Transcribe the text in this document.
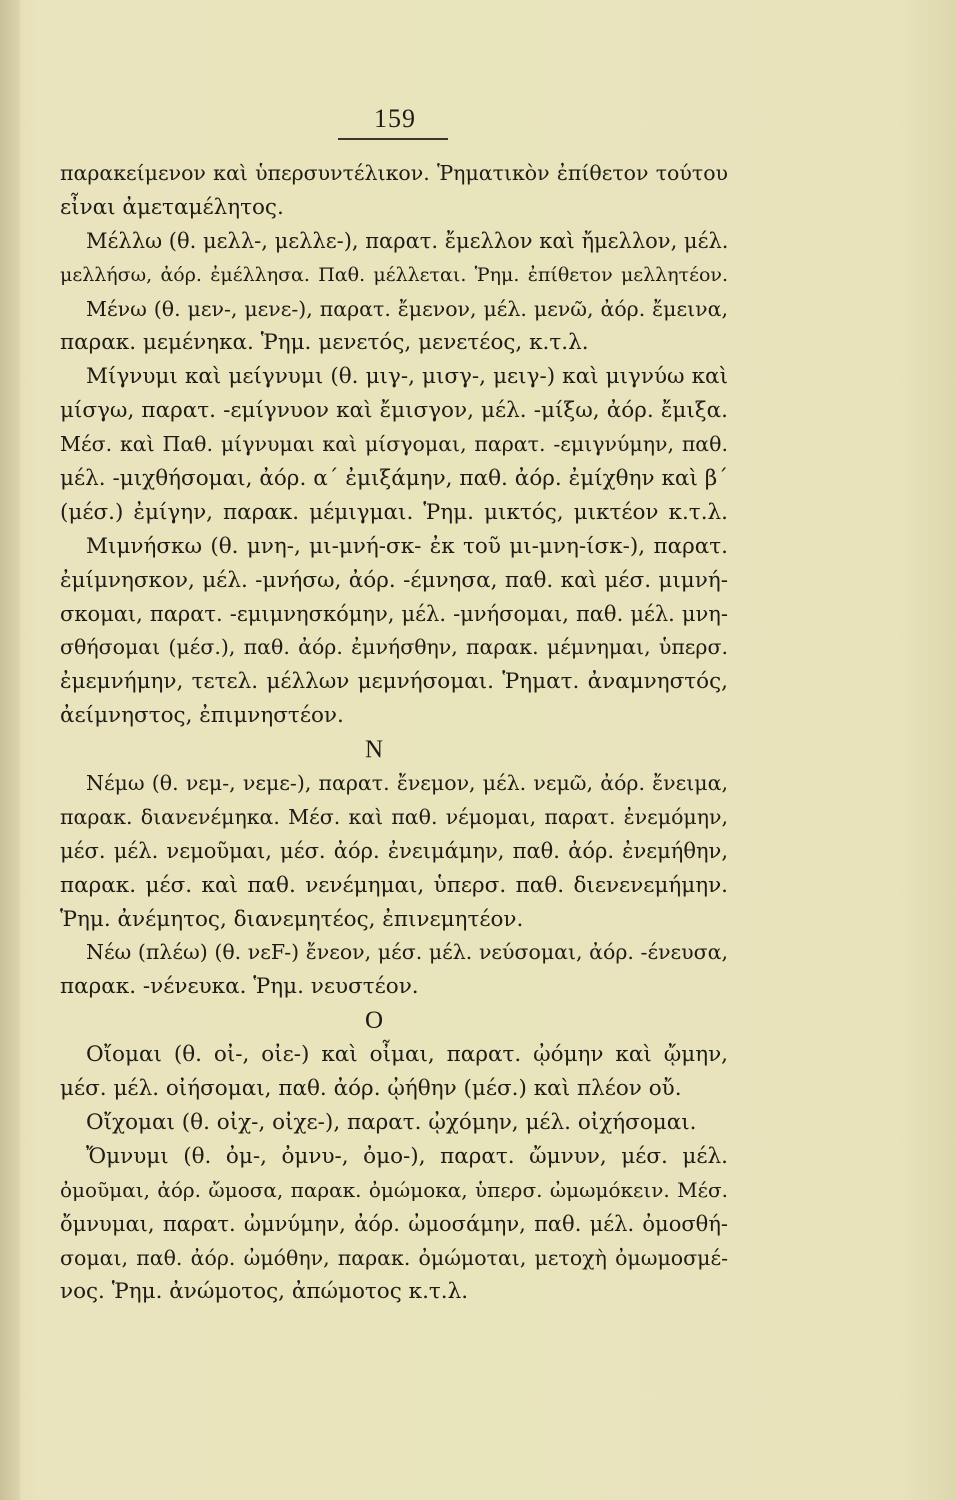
159
παρακείμενον καὶ ὑπερσυντέλικον. Ῥηματικὸν ἐπίθετον τούτου
εἶναι ἀμεταμέλητος.
Μέλλω (θ. μελλ-, μελλε-), παρατ. ἔμελλον καὶ ἤμελλον, μέλ.
μελλήσω, ἀόρ. ἐμέλλησα. Παθ. μέλλεται. Ῥημ. ἐπίθετον μελλητέον.
Μένω (θ. μεν-, μενε-), παρατ. ἔμενον, μέλ. μενῶ, ἀόρ. ἔμεινα,
παρακ. μεμένηκα. Ῥημ. μενετός, μενετέος, κ.τ.λ.
Μίγνυμι καὶ μείγνυμι (θ. μιγ-, μισγ-, μειγ-) καὶ μιγνύω καὶ
μίσγω, παρατ. -εμίγνυον καὶ ἔμισγον, μέλ. -μίξω, ἀόρ. ἔμιξα.
Μέσ. καὶ Παθ. μίγνυμαι καὶ μίσγομαι, παρατ. -εμιγνύμην, παθ.
μέλ. -μιχθήσομαι, ἀόρ. α΄ ἐμιξάμην, παθ. ἀόρ. ἐμίχθην καὶ β΄
(μέσ.) ἐμίγην, παρακ. μέμιγμαι. Ῥημ. μικτός, μικτέον κ.τ.λ.
Μιμνήσκω (θ. μνη-, μι-μνή-σκ- ἐκ τοῦ μι-μνη-ίσκ-), παρατ.
ἐμίμνησκον, μέλ. -μνήσω, ἀόρ. -έμνησα, παθ. καὶ μέσ. μιμνή-
σκομαι, παρατ. -εμιμνησκόμην, μέλ. -μνήσομαι, παθ. μέλ. μνη-
σθήσομαι (μέσ.), παθ. ἀόρ. ἐμνήσθην, παρακ. μέμνημαι, ὑπερσ.
ἐμεμνήμην, τετελ. μέλλων μεμνήσομαι. Ῥηματ. ἀναμνηστός,
ἀείμνηστος, ἐπιμνηστέον.
Ν
Νέμω (θ. νεμ-, νεμε-), παρατ. ἔνεμον, μέλ. νεμῶ, ἀόρ. ἔνειμα,
παρακ. διανενέμηκα. Μέσ. καὶ παθ. νέμομαι, παρατ. ἐνεμόμην,
μέσ. μέλ. νεμοῦμαι, μέσ. ἀόρ. ἐνειμάμην, παθ. ἀόρ. ἐνεμήθην,
παρακ. μέσ. καὶ παθ. νενέμημαι, ὑπερσ. παθ. διενενεμήμην.
Ῥημ. ἀνέμητος, διανεμητέος, ἐπινεμητέον.
Νέω (πλέω) (θ. νεF-) ἔνεον, μέσ. μέλ. νεύσομαι, ἀόρ. -ένευσα,
παρακ. -νένευκα. Ῥημ. νευστέον.
Ο
Οἴομαι (θ. οἰ-, οἰε-) καὶ οἶμαι, παρατ. ᾠόμην καὶ ᾤμην,
μέσ. μέλ. οἰήσομαι, παθ. ἀόρ. ᾠήθην (μέσ.) καὶ πλέον οὔ.
Οἴχομαι (θ. οἰχ-, οἰχε-), παρατ. ᾠχόμην, μέλ. οἰχήσομαι.
Ὄμνυμι (θ. ὀμ-, ὀμνυ-, ὀμο-), παρατ. ὤμνυν, μέσ. μέλ.
ὀμοῦμαι, ἀόρ. ὤμοσα, παρακ. ὀμώμοκα, ὑπερσ. ὠμωμόκειν. Μέσ.
ὄμνυμαι, παρατ. ὠμνύμην, ἀόρ. ὠμοσάμην, παθ. μέλ. ὀμοσθή-
σομαι, παθ. ἀόρ. ὠμόθην, παρακ. ὀμώμοται, μετοχὴ ὀμωμοσμέ-
νος. Ῥημ. ἀνώμοτος, ἀπώμοτος κ.τ.λ.
